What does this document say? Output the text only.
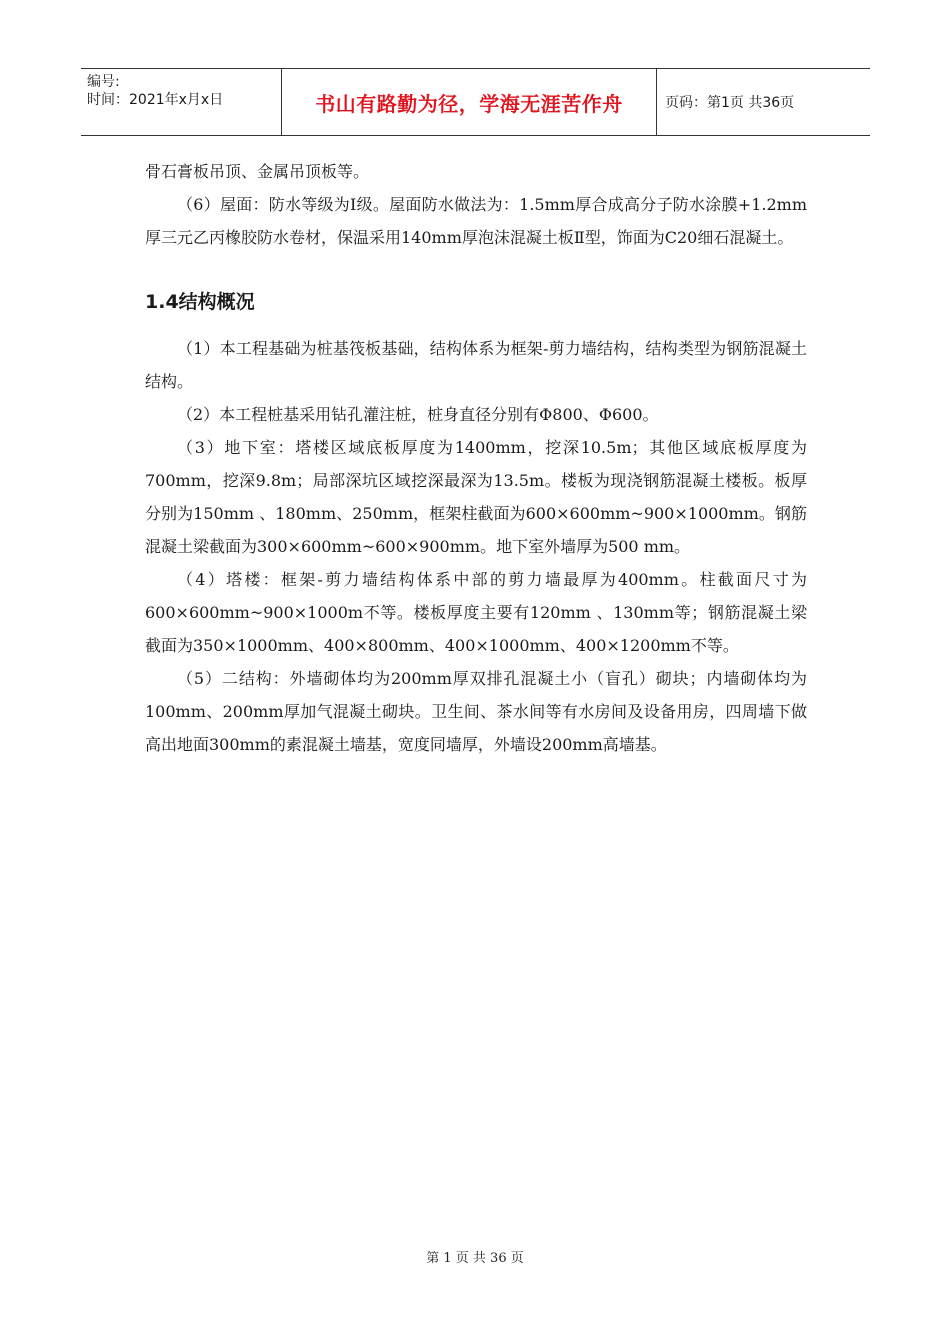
编号:
时间：2021年x月x日	书山有路勤为径，学海无涯苦作舟	页码：第1页 共36页

骨石膏板吊顶、金属吊顶板等。

（6）屋面：防水等级为Ⅰ级。屋面防水做法为：1.5mm厚合成高分子防水涂膜+1.2mm厚三元乙丙橡胶防水卷材，保温采用140mm厚泡沫混凝土板Ⅱ型，饰面为C20细石混凝土。

1.4结构概况

（1）本工程基础为桩基筏板基础，结构体系为框架-剪力墙结构，结构类型为钢筋混凝土结构。

（2）本工程桩基采用钻孔灌注桩，桩身直径分别有Φ800、Φ600。

（3）地下室：塔楼区域底板厚度为1400mm，挖深10.5m；其他区域底板厚度为700mm，挖深9.8m；局部深坑区域挖深最深为13.5m。楼板为现浇钢筋混凝土楼板。板厚分别为150mm 、180mm、250mm，框架柱截面为600×600mm~900×1000mm。钢筋混凝土梁截面为300×600mm~600×900mm。地下室外墙厚为500 mm。

（4）塔楼：框架-剪力墙结构体系中部的剪力墙最厚为400mm。柱截面尺寸为600×600mm~900×1000m不等。楼板厚度主要有120mm 、130mm等；钢筋混凝土梁截面为350×1000mm、400×800mm、400×1000mm、400×1200mm不等。

（5）二结构：外墙砌体均为200mm厚双排孔混凝土小（盲孔）砌块；内墙砌体均为100mm、200mm厚加气混凝土砌块。卫生间、茶水间等有水房间及设备用房，四周墙下做高出地面300mm的素混凝土墙基，宽度同墙厚，外墙设200mm高墙基。

第 1 页 共 36 页
